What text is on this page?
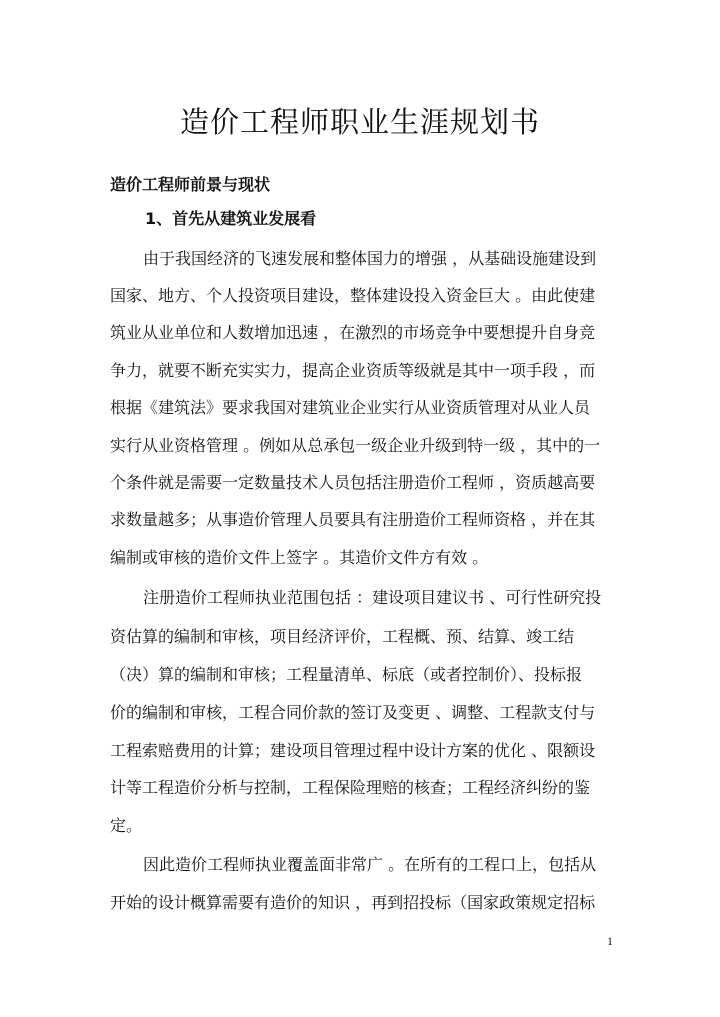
造价工程师职业生涯规划书
造价工程师前景与现状
1、首先从建筑业发展看
由于我国经济的飞速发展和整体国力的增强 ，从基础设施建设到
国家、地方、个人投资项目建设，整体建设投入资金巨大 。由此使建
筑业从业单位和人数增加迅速 ，在激烈的市场竞争中要想提升自身竞
争力，就要不断充实实力，提高企业资质等级就是其中一项手段 ，而
根据《建筑法》要求我国对建筑业企业实行从业资质管理对从业人员
实行从业资格管理 。例如从总承包一级企业升级到特一级 ，其中的一
个条件就是需要一定数量技术人员包括注册造价工程师 ，资质越高要
求数量越多；从事造价管理人员要具有注册造价工程师资格 ，并在其
编制或审核的造价文件上签字 。其造价文件方有效 。
注册造价工程师执业范围包括 ：建设项目建议书 、可行性研究投
资估算的编制和审核，项目经济评价，工程概、预、结算、竣工结
（决）算的编制和审核；工程量清单、标底（或者控制价）、投标报
价的编制和审核，工程合同价款的签订及变更 、调整、工程款支付与
工程索赔费用的计算；建设项目管理过程中设计方案的优化 、限额设
计等工程造价分析与控制，工程保险理赔的核查；工程经济纠纷的鉴
定。
因此造价工程师执业覆盖面非常广 。在所有的工程口上，包括从
开始的设计概算需要有造价的知识 ，再到招投标（国家政策规定招标
1
